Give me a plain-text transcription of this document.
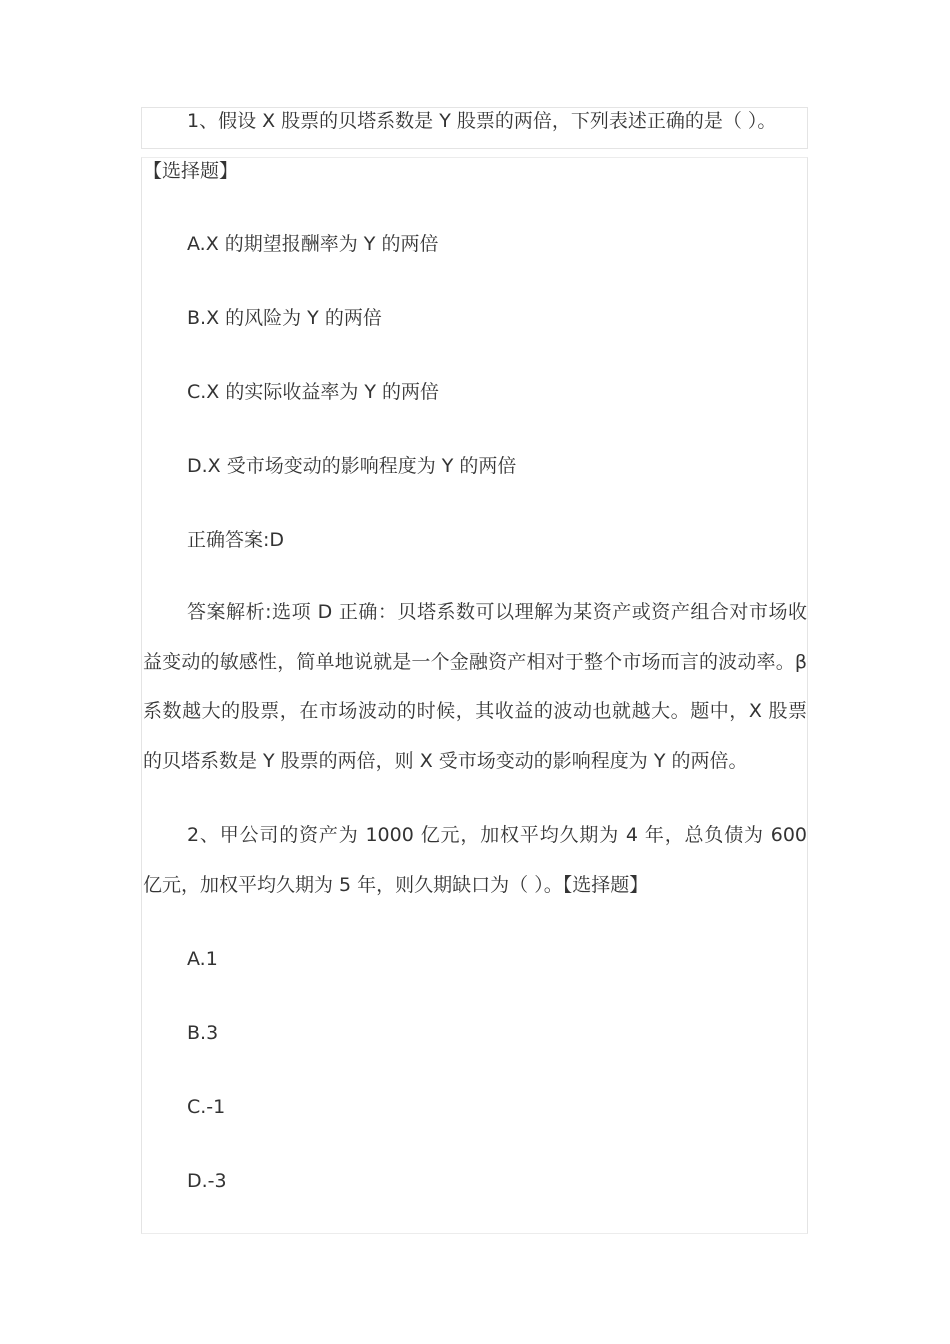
1、假设 X 股票的贝塔系数是 Y 股票的两倍，下列表述正确的是（ ）。
【选择题】
A.X 的期望报酬率为 Y 的两倍
B.X 的风险为 Y 的两倍
C.X 的实际收益率为 Y 的两倍
D.X 受市场变动的影响程度为 Y 的两倍
正确答案:D
答案解析:选项 D 正确：贝塔系数可以理解为某资产或资产组合对市场收益变动的敏感性，简单地说就是一个金融资产相对于整个市场而言的波动率。β系数越大的股票，在市场波动的时候，其收益的波动也就越大。题中，X 股票的贝塔系数是 Y 股票的两倍，则 X 受市场变动的影响程度为 Y 的两倍。
2、甲公司的资产为 1000 亿元，加权平均久期为 4 年，总负债为 600 亿元，加权平均久期为 5 年，则久期缺口为（ ）。【选择题】
A.1
B.3
C.-1
D.-3
